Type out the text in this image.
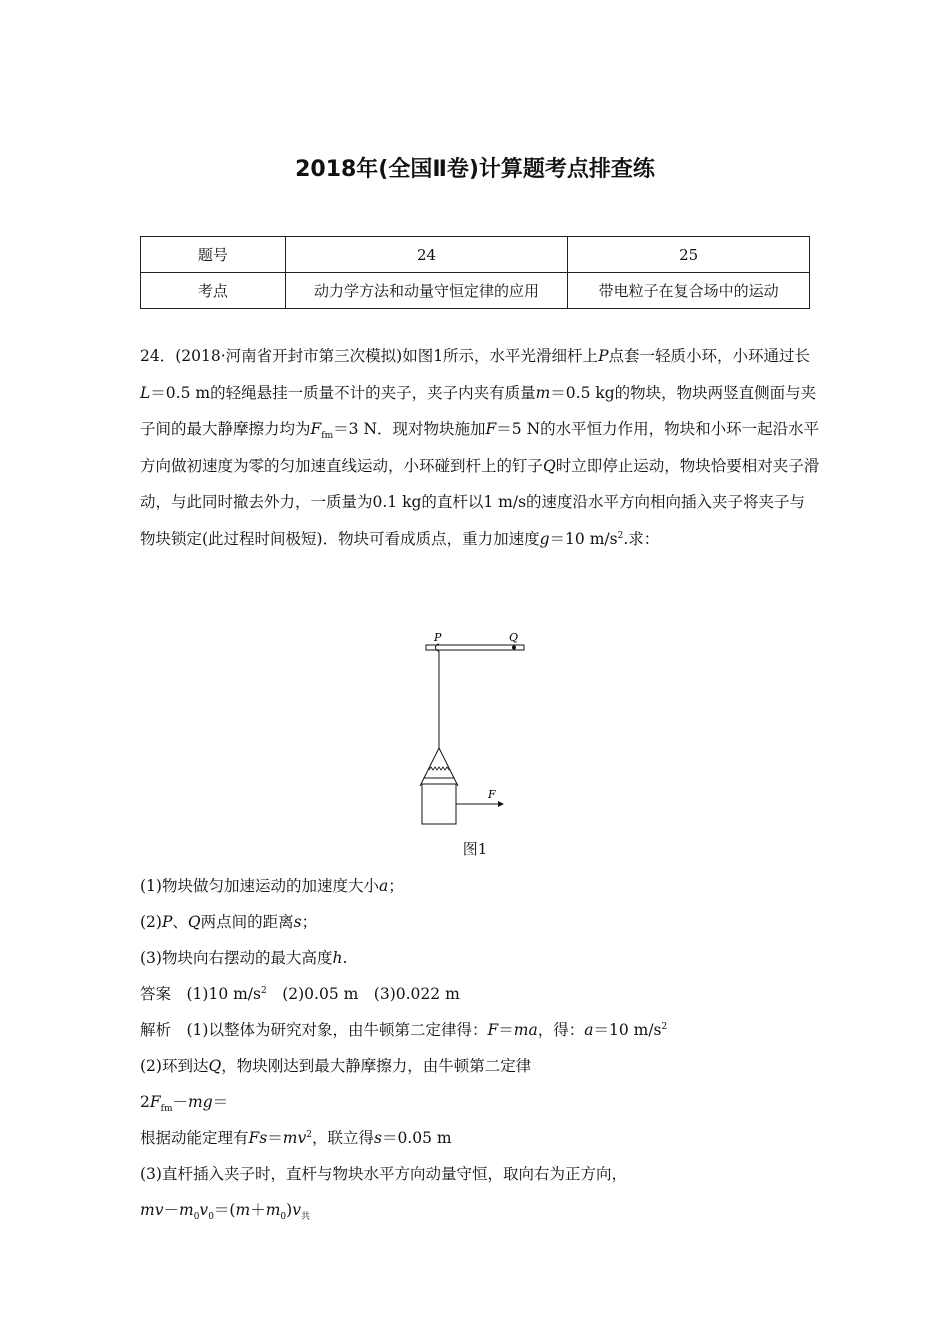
2018年(全国Ⅱ卷)计算题考点排查练
题号	24	25
考点	动力学方法和动量守恒定律的应用	带电粒子在复合场中的运动

24．(2018·河南省开封市第三次模拟)如图1所示，水平光滑细杆上P点套一轻质小环，小环通过长L＝0.5 m的轻绳悬挂一质量不计的夹子，夹子内夹有质量m＝0.5 kg的物块，物块两竖直侧面与夹子间的最大静摩擦力均为$F_{fm}=3$ N．现对物块施加F＝5 N的水平恒力作用，物块和小环一起沿水平方向做初速度为零的匀加速直线运动，小环碰到杆上的钉子Q时立即停止运动，物块恰要相对夹子滑动，与此同时撤去外力，一质量为0.1 kg的直杆以1 m/s的速度沿水平方向相向插入夹子将夹子与物块锁定(此过程时间极短)．物块可看成质点，重力加速度g＝10 $m/s^2$.求：

P	Q
F
图1
(1)物块做匀加速运动的加速度大小a；
(2)P、Q两点间的距离s；
(3)物块向右摆动的最大高度h.
答案　(1)10 $m/s^2$　(2)0.05 m　(3)0.022 m
解析　(1)以整体为研究对象，由牛顿第二定律得：F＝ma，得：a＝10 $m/s^2$
(2)环到达Q，物块刚达到最大静摩擦力，由牛顿第二定律
$2F_{fm}-mg=$
根据动能定理有$Fs=mv^2$，联立得s＝0.05 m
(3)直杆插入夹子时，直杆与物块水平方向动量守恒，取向右为正方向，
$mv-m_0v_0=(m+m_0)v_共$
